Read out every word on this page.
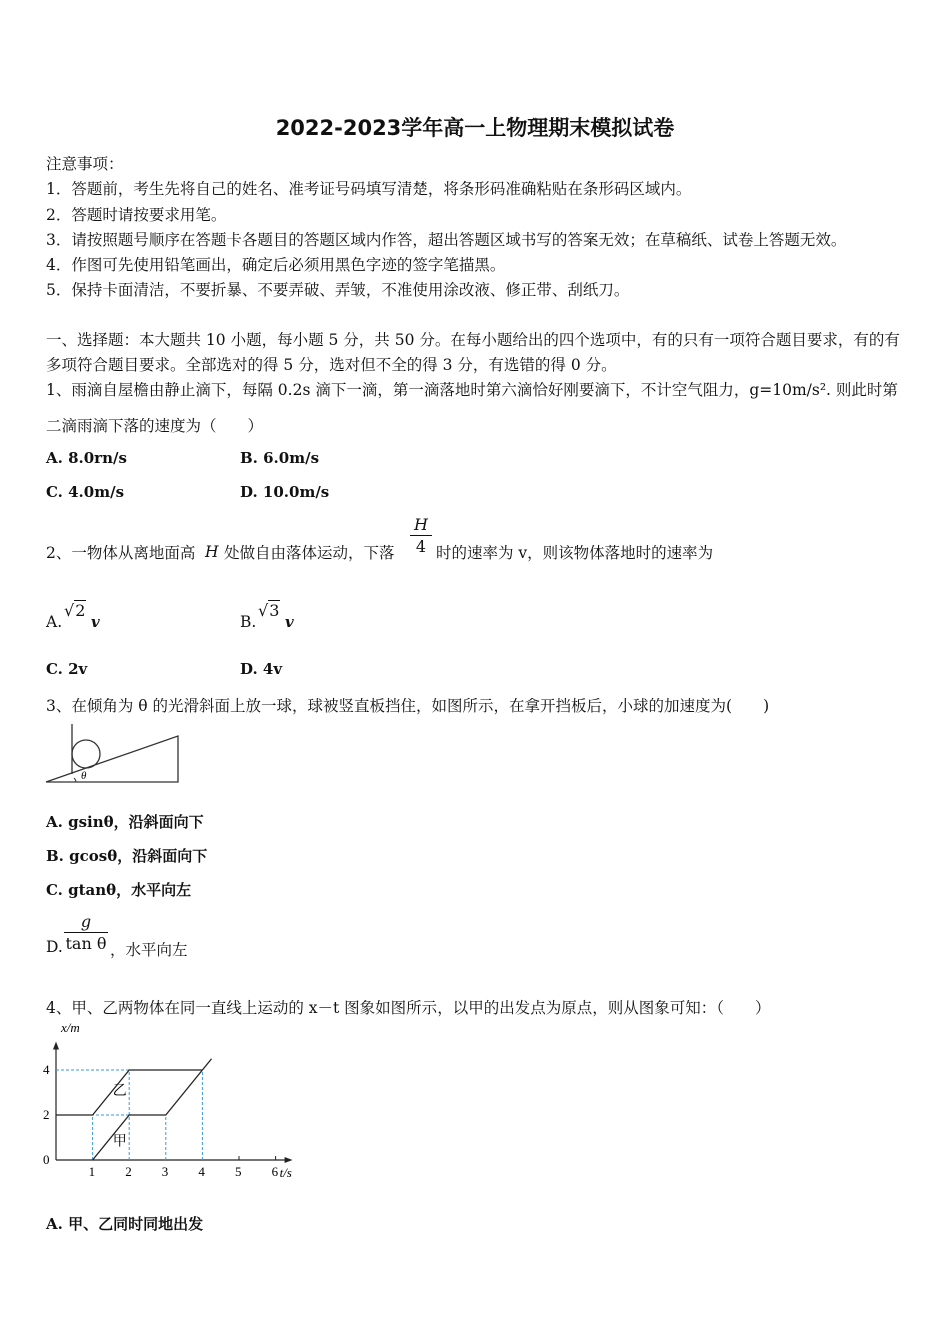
2022-2023学年高一上物理期末模拟试卷
注意事项：
1．答题前，考生先将自己的姓名、准考证号码填写清楚，将条形码准确粘贴在条形码区域内。
2．答题时请按要求用笔。
3．请按照题号顺序在答题卡各题目的答题区域内作答，超出答题区域书写的答案无效；在草稿纸、试卷上答题无效。
4．作图可先使用铅笔画出，确定后必须用黑色字迹的签字笔描黑。
5．保持卡面清洁，不要折暴、不要弄破、弄皱，不准使用涂改液、修正带、刮纸刀。
一、选择题：本大题共 10 小题，每小题 5 分，共 50 分。在每小题给出的四个选项中，有的只有一项符合题目要求，有的有
多项符合题目要求。全部选对的得 5 分，选对但不全的得 3 分，有选错的得 0 分。
1、雨滴自屋檐由静止滴下，每隔 0.2s 滴下一滴，第一滴落地时第六滴恰好刚要滴下，不计空气阻力，g=10m/s². 则此时第
二滴雨滴下落的速度为（　　）
A. 8.0rn/s	B. 6.0m/s
C. 4.0m/s	D. 10.0m/s
2、一物体从离地面高 H 处做自由落体运动，下落
H
4 时的速率为 v，则该物体落地时的速率为
A.
√2
v	B.
√3
v
C. 2v	D. 4v
3、在倾角为 θ 的光滑斜面上放一球，球被竖直板挡住，如图所示，在拿开挡板后，小球的加速度为(　　)
θ
A. gsinθ，沿斜面向下
B. gcosθ，沿斜面向下
C. gtanθ，水平向左
D.
g
tan θ ，水平向左
4、甲、乙两物体在同一直线上运动的 x－t 图象如图所示，以甲的出发点为原点，则从图象可知：（　　）
甲
乙
1 2 3 4 5 6
0
2
4
t/s
x/m
A. 甲、乙同时同地出发
